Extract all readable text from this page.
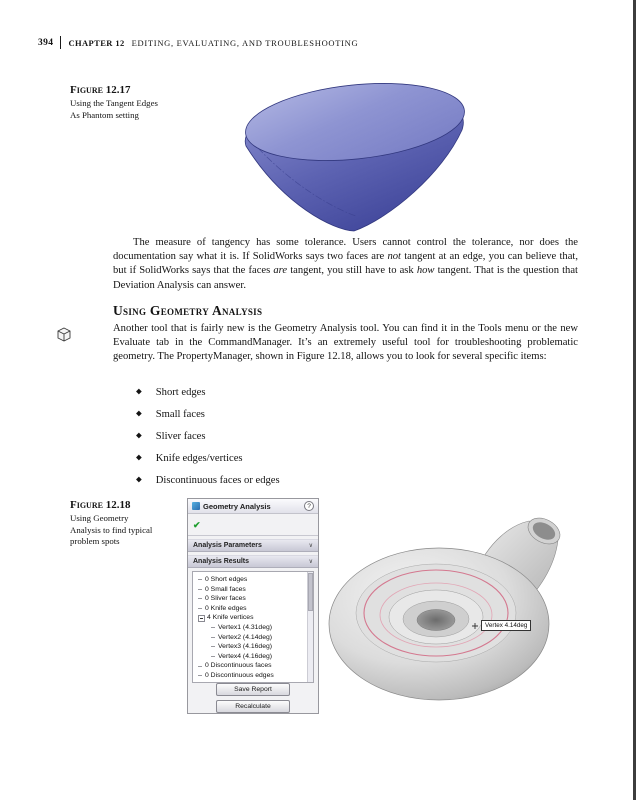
394 CHAPTER 12 EDITING, EVALUATING, AND TROUBLESHOOTING
Figure 12.17
Using the Tangent Edges
As Phantom setting

The measure of tangency has some tolerance. Users cannot control the tolerance, nor does the documentation say what it is. If SolidWorks says two faces are not tangent at an edge, you can believe that, but if SolidWorks says that the faces are tangent, you still have to ask how tangent. That is the question that Deviation Analysis can answer.

Using Geometry Analysis

Another tool that is fairly new is the Geometry Analysis tool. You can find it in the Tools menu or the new Evaluate tab in the CommandManager. It’s an extremely useful tool for troubleshooting problematic geometry. The PropertyManager, shown in Figure 12.18, allows you to look for several specific items:

◆ Short edges
◆ Small faces
◆ Sliver faces
◆ Knife edges/vertices
◆ Discontinuous faces or edges
Figure 12.18
Using Geometry
Analysis to find typical
problem spots
Geometry Analysis	?
✔
Analysis Parameters	∨
Analysis Results	∨
0 Short edges
0 Small faces
0 Sliver faces
0 Knife edges
4 Knife vertices
Vertex1 (4.31deg)
Vertex2 (4.14deg)
Vertex3 (4.16deg)
Vertex4 (4.16deg)
0 Discontinuous faces
0 Discontinuous edges
Save Report
Recalculate
Vertex 4.14deg
